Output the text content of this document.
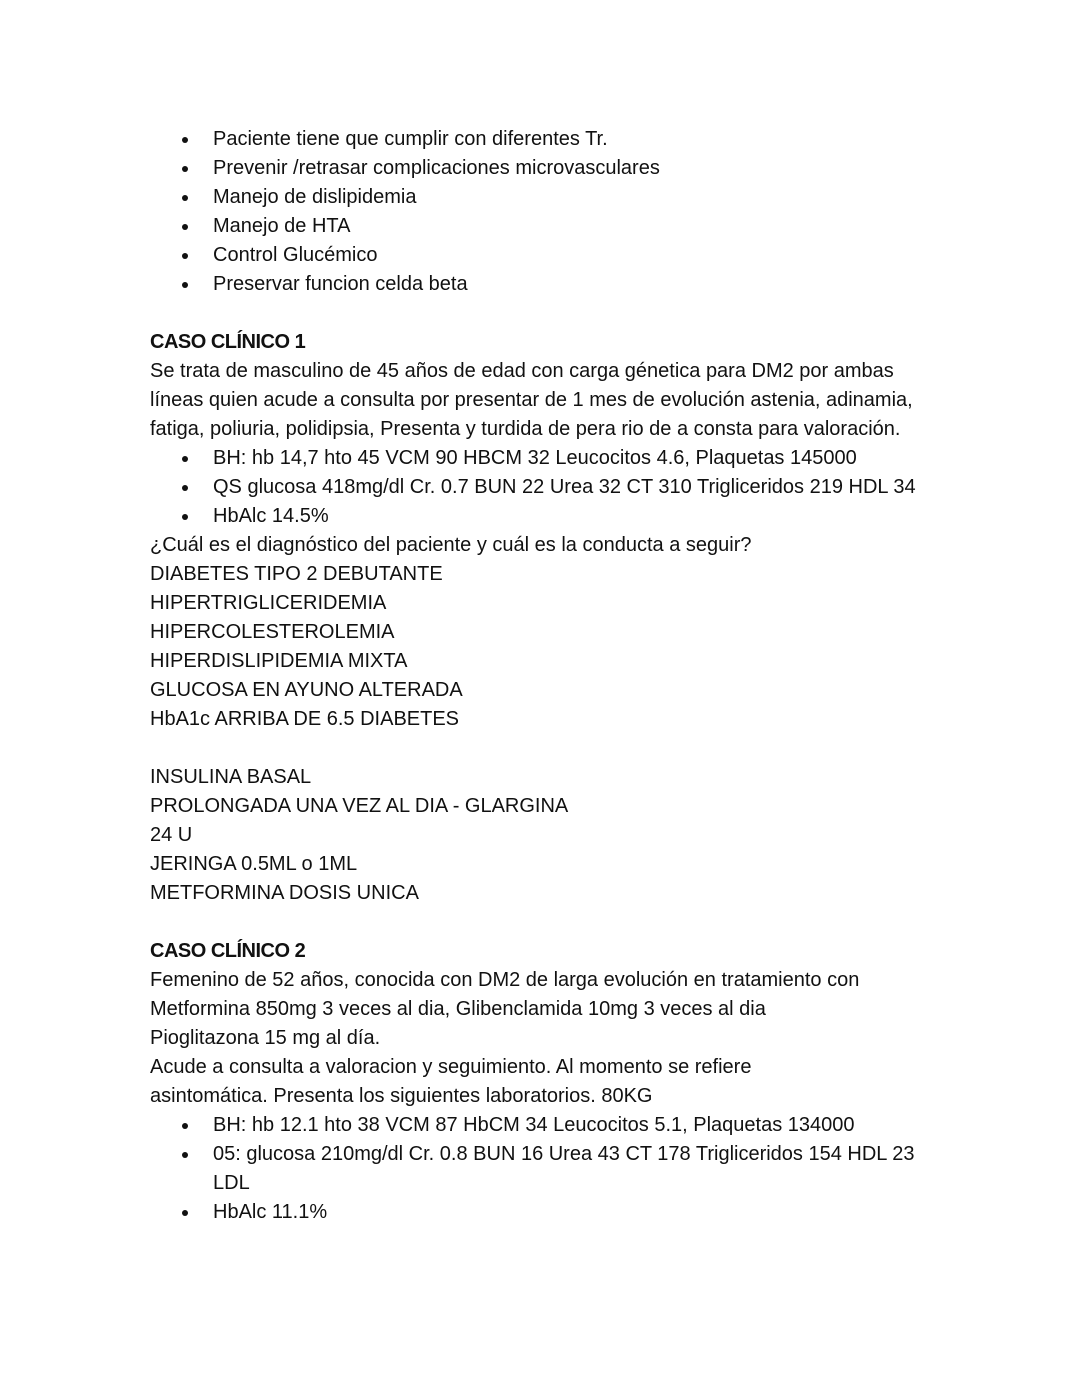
Paciente tiene que cumplir con diferentes Tr.
Prevenir /retrasar complicaciones microvasculares
Manejo de dislipidemia
Manejo de HTA
Control Glucémico
Preservar funcion celda beta
CASO CLÍNICO 1

Se trata de masculino de 45 años de edad con carga génetica para DM2 por ambas líneas quien acude a consulta por presentar de 1 mes de evolución astenia, adinamia, fatiga, poliuria, polidipsia, Presenta y turdida de pera rio de a consta para valoración.

BH: hb 14,7 hto 45 VCM 90 HBCM 32 Leucocitos 4.6, Plaquetas 145000
QS glucosa 418mg/dl Cr. 0.7 BUN 22 Urea 32 CT 310 Trigliceridos 219 HDL 34
HbAlc 14.5%
¿Cuál es el diagnóstico del paciente y cuál es la conducta a seguir?
DIABETES TIPO 2 DEBUTANTE
HIPERTRIGLICERIDEMIA
HIPERCOLESTEROLEMIA
HIPERDISLIPIDEMIA MIXTA
GLUCOSA EN AYUNO ALTERADA
HbA1c ARRIBA DE 6.5 DIABETES
INSULINA BASAL
PROLONGADA UNA VEZ AL DIA - GLARGINA
24 U
JERINGA 0.5ML o 1ML
METFORMINA DOSIS UNICA
CASO CLÍNICO 2
Femenino de 52 años, conocida con DM2 de larga evolución en tratamiento con
Metformina 850mg 3 veces al dia, Glibenclamida 10mg 3 veces al dia
Pioglitazona 15 mg al día.
Acude a consulta a valoracion y seguimiento. Al momento se refiere
asintomática. Presenta los siguientes laboratorios. 80KG
BH: hb 12.1 hto 38 VCM 87 HbCM 34 Leucocitos 5.1, Plaquetas 134000
05: glucosa 210mg/dl Cr. 0.8 BUN 16 Urea 43 CT 178 Trigliceridos 154 HDL 23 LDL
HbAlc 11.1%
